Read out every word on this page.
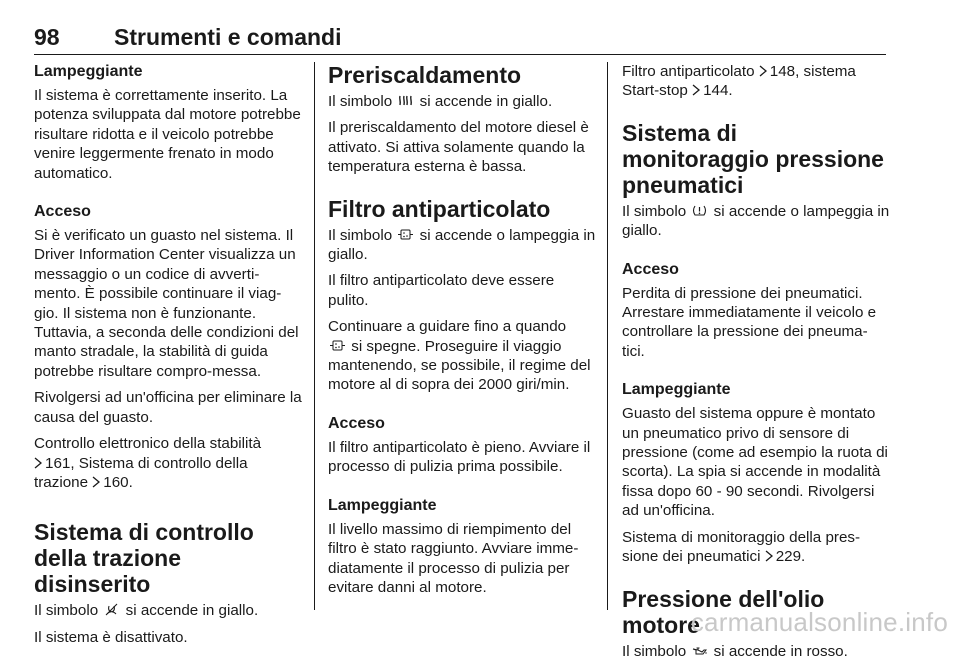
98 Strumenti e comandi
Lampeggiante
Il sistema è correttamente inserito. La potenza sviluppata dal motore potrebbe risultare ridotta e il veicolo potrebbe venire leggermente frenato in modo automatico.
Acceso
Si è verificato un guasto nel sistema. Il Driver Information Center visualizza un messaggio o un codice di avverti-mento. È possibile continuare il viag-gio. Il sistema non è funzionante. Tuttavia, a seconda delle condizioni del manto stradale, la stabilità di guida potrebbe risultare compro-messa.
Rivolgersi ad un'officina per eliminare la causa del guasto.
Controllo elettronico della stabilità

161, Sistema di controllo della trazione 160.
Sistema di controllo della trazione disinserito
Il simbolo si accende in giallo.
Il sistema è disattivato.
Preriscaldamento
Il simbolo si accende in giallo.
Il preriscaldamento del motore diesel è attivato. Si attiva solamente quando la temperatura esterna è bassa.
Filtro antiparticolato
Il simbolo si accende o lampeggia in giallo.
Il filtro antiparticolato deve essere pulito.
Continuare a guidare fino a quando

si spegne. Proseguire il viaggio mantenendo, se possibile, il regime del motore al di sopra dei 2000 giri/min.
Acceso
Il filtro antiparticolato è pieno. Avviare il processo di pulizia prima possibile.
Lampeggiante
Il livello massimo di riempimento del filtro è stato raggiunto. Avviare imme-diatamente il processo di pulizia per evitare danni al motore.
Filtro antiparticolato 148, sistema Start-stop 144.
Sistema di monitoraggio pressione pneumatici
Il simbolo si accende o lampeggia in giallo.
Acceso
Perdita di pressione dei pneumatici. Arrestare immediatamente il veicolo e controllare la pressione dei pneuma-tici.
Lampeggiante
Guasto del sistema oppure è montato un pneumatico privo di sensore di pressione (come ad esempio la ruota di scorta). La spia si accende in modalità fissa dopo 60 - 90 secondi. Rivolgersi ad un'officina.
Sistema di monitoraggio della pres-sione dei pneumatici 229.
Pressione dell'olio motore
Il simbolo si accende in rosso.
carmanualsonline.info
